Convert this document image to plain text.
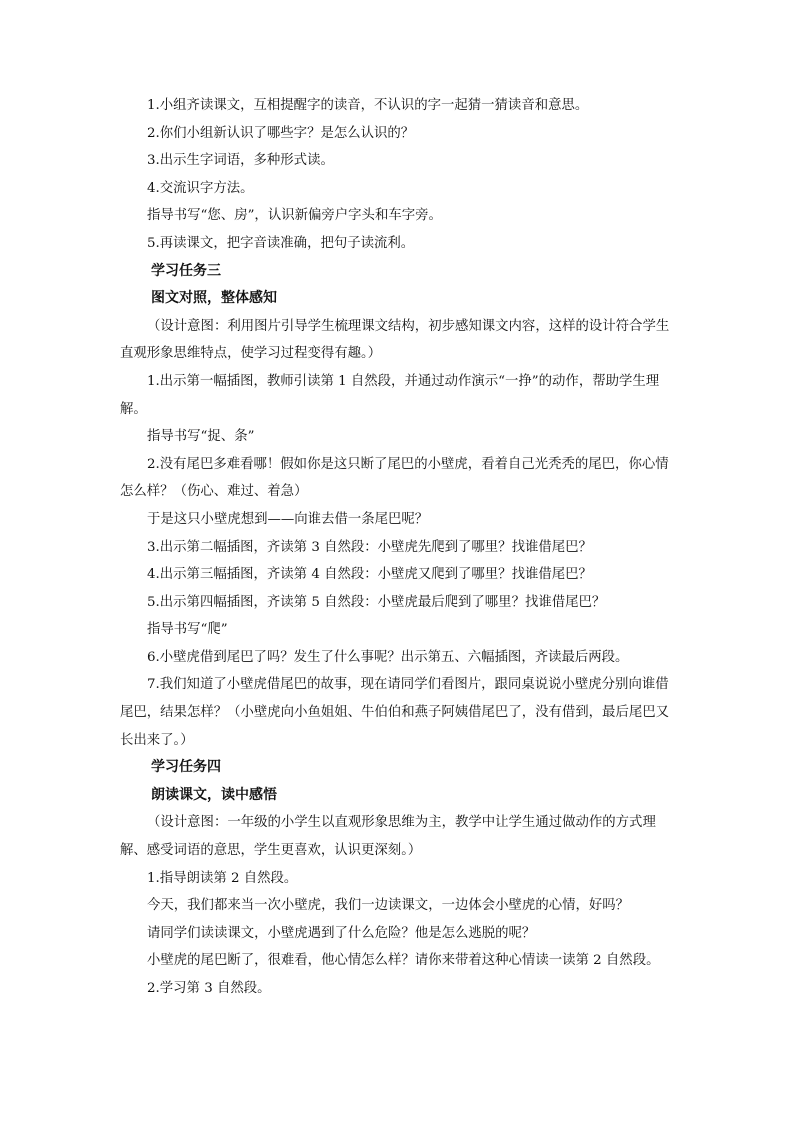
1.小组齐读课文，互相提醒字的读音，不认识的字一起猜一猜读音和意思。

2.你们小组新认识了哪些字？是怎么认识的？

3.出示生字词语，多种形式读。

4.交流识字方法。

指导书写“您、房”，认识新偏旁户字头和车字旁。

5.再读课文，把字音读准确，把句子读流利。

学习任务三

图文对照，整体感知

（设计意图：利用图片引导学生梳理课文结构，初步感知课文内容，这样的设计符合学生直观形象思维特点，使学习过程变得有趣。）

1.出示第一幅插图，教师引读第 1 自然段，并通过动作演示“一挣”的动作，帮助学生理解。

指导书写“捉、条”

2.没有尾巴多难看哪！假如你是这只断了尾巴的小壁虎，看着自己光秃秃的尾巴，你心情怎么样？（伤心、难过、着急）

于是这只小壁虎想到——向谁去借一条尾巴呢？

3.出示第二幅插图，齐读第 3 自然段：小壁虎先爬到了哪里？找谁借尾巴？

4.出示第三幅插图，齐读第 4 自然段：小壁虎又爬到了哪里？找谁借尾巴？

5.出示第四幅插图，齐读第 5 自然段：小壁虎最后爬到了哪里？找谁借尾巴？

指导书写“爬”

6.小壁虎借到尾巴了吗？发生了什么事呢？出示第五、六幅插图，齐读最后两段。

7.我们知道了小壁虎借尾巴的故事，现在请同学们看图片，跟同桌说说小壁虎分别向谁借尾巴，结果怎样？（小壁虎向小鱼姐姐、牛伯伯和燕子阿姨借尾巴了，没有借到，最后尾巴又长出来了。）

学习任务四

朗读课文，读中感悟

（设计意图：一年级的小学生以直观形象思维为主，教学中让学生通过做动作的方式理解、感受词语的意思，学生更喜欢，认识更深刻。）

1.指导朗读第 2 自然段。

今天，我们都来当一次小壁虎，我们一边读课文，一边体会小壁虎的心情，好吗？

请同学们读读课文，小壁虎遇到了什么危险？他是怎么逃脱的呢？

小壁虎的尾巴断了，很难看，他心情怎么样？请你来带着这种心情读一读第 2 自然段。

2.学习第 3 自然段。
